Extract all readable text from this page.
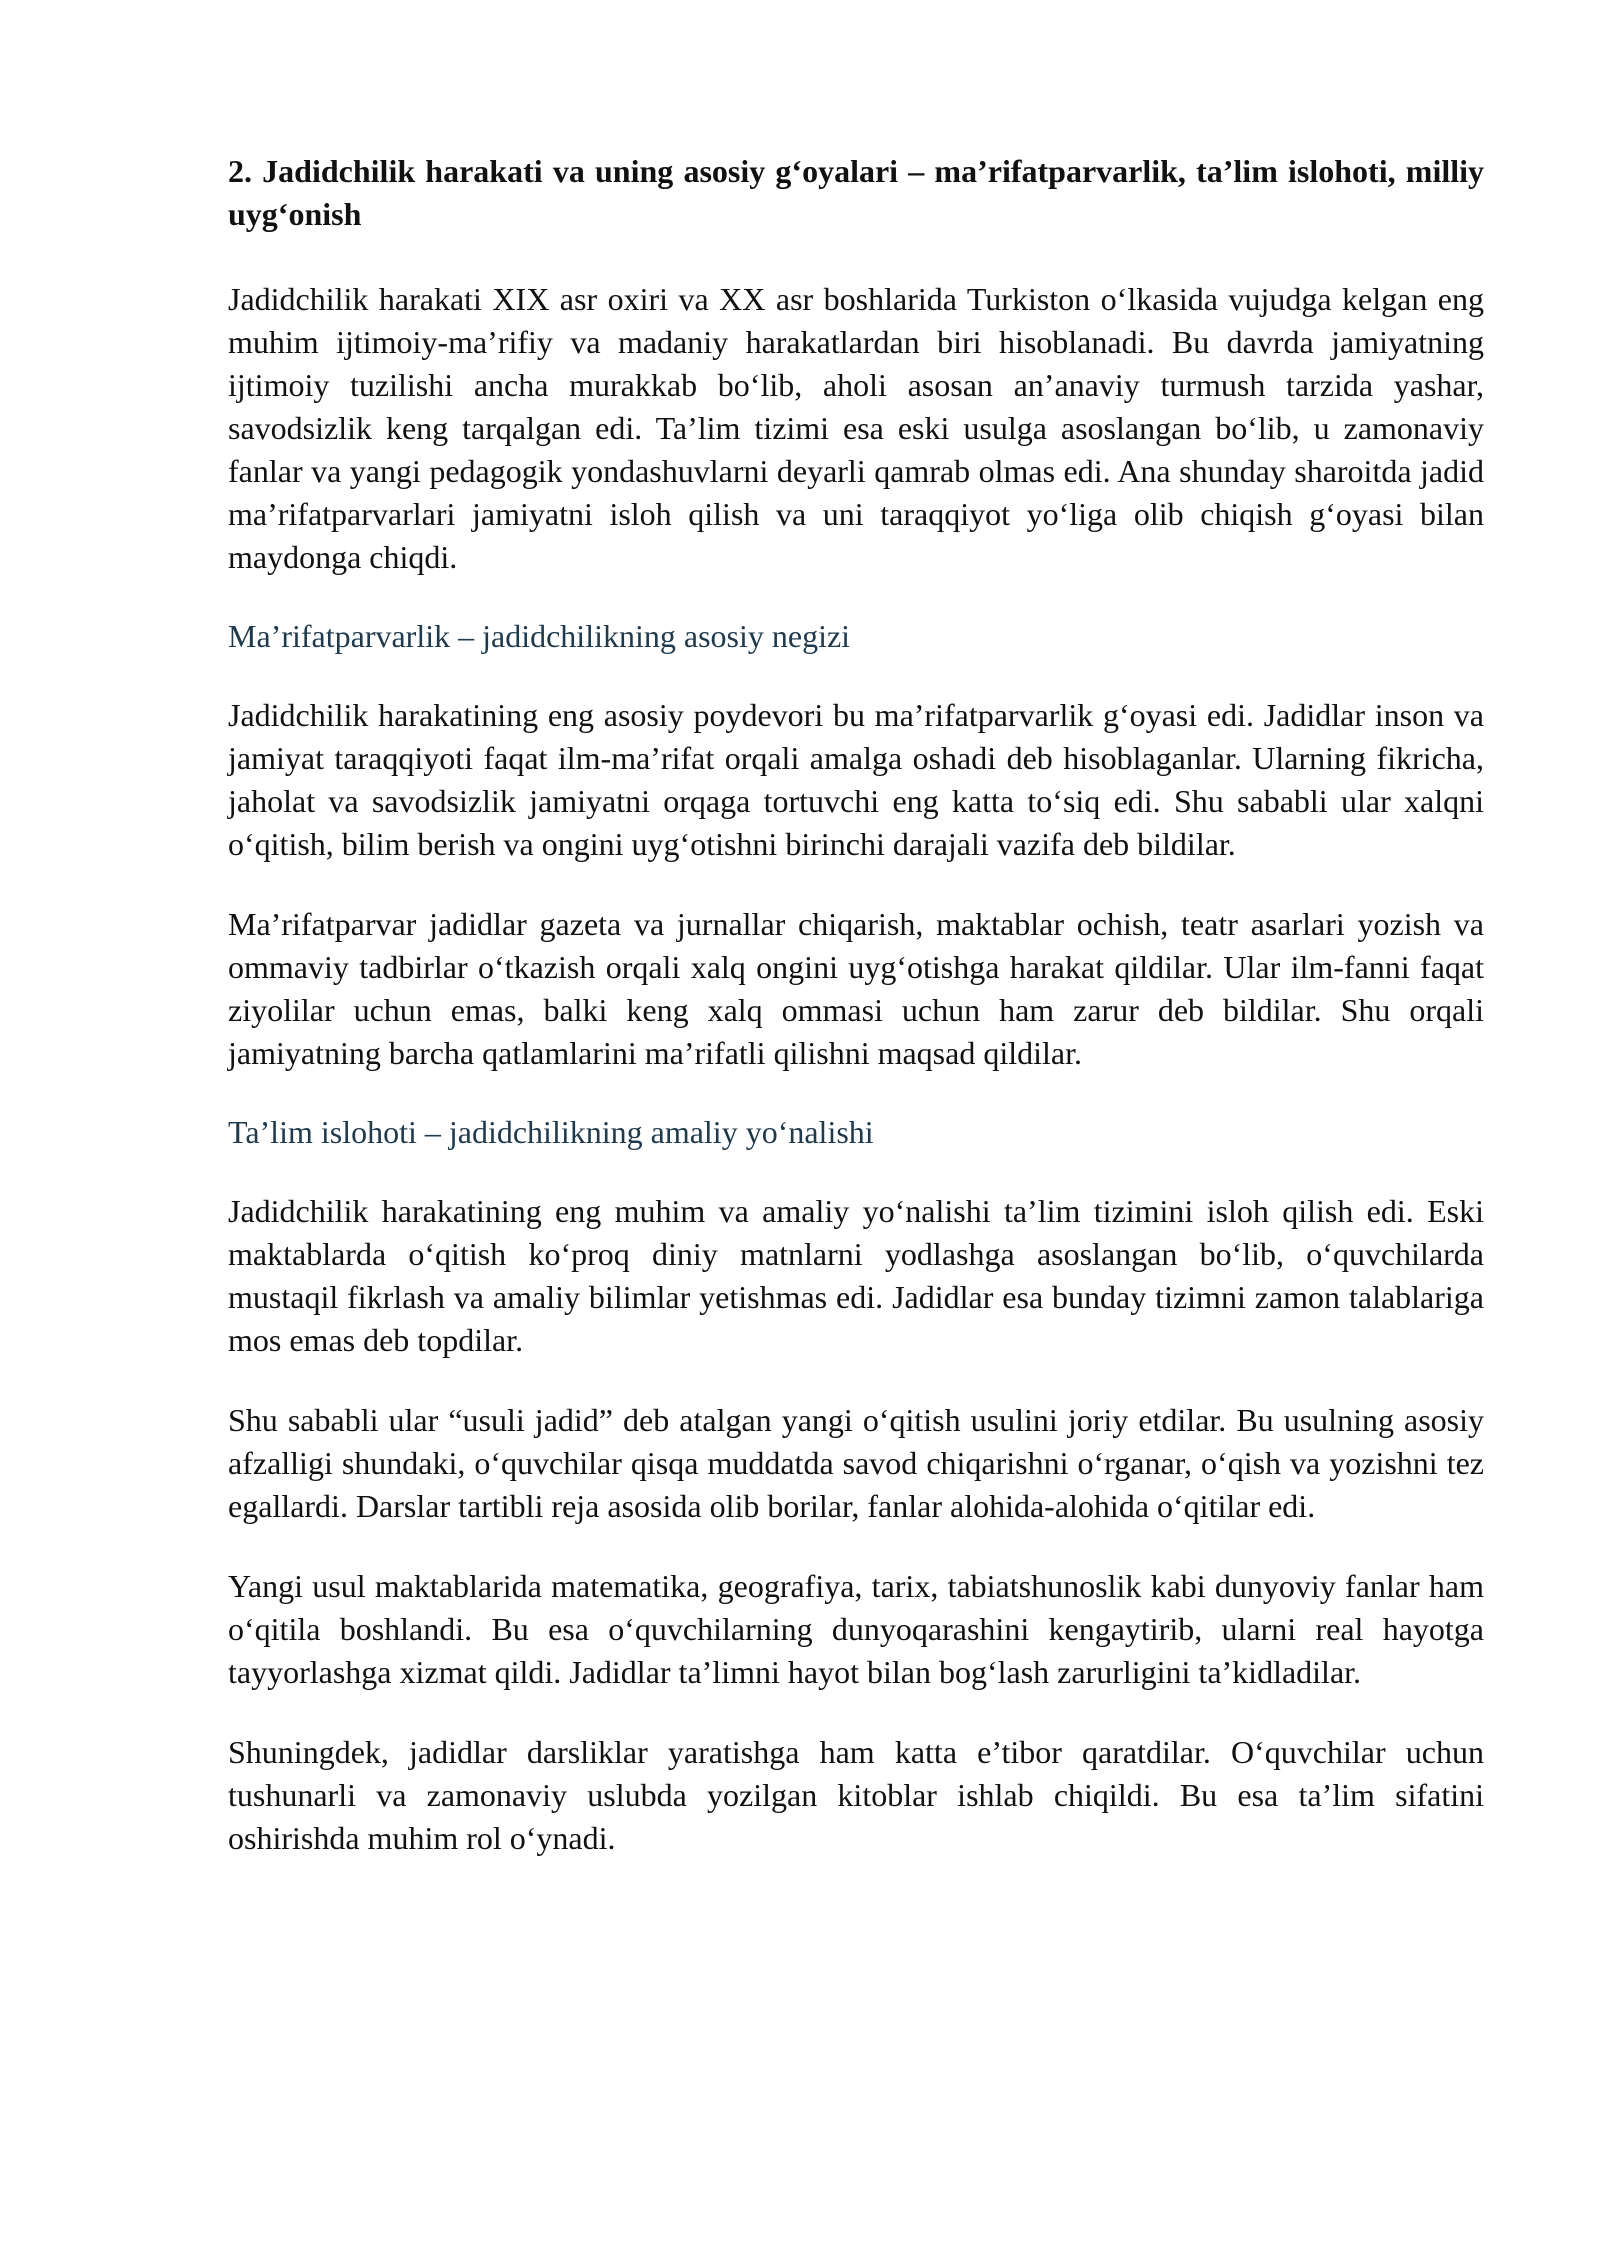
2. Jadidchilik harakati va uning asosiy g‘oyalari – ma’rifatparvarlik, ta’lim islohoti, milliy uyg‘onish

Jadidchilik harakati XIX asr oxiri va XX asr boshlarida Turkiston o‘lkasida vujudga kelgan eng muhim ijtimoiy-ma’rifiy va madaniy harakatlardan biri hisoblanadi. Bu davrda jamiyatning ijtimoiy tuzilishi ancha murakkab bo‘lib, aholi asosan an’anaviy turmush tarzida yashar, savodsizlik keng tarqalgan edi. Ta’lim tizimi esa eski usulga asoslangan bo‘lib, u zamonaviy fanlar va yangi pedagogik yondashuvlarni deyarli qamrab olmas edi. Ana shunday sharoitda jadid ma’rifatparvarlari jamiyatni isloh qilish va uni taraqqiyot yo‘liga olib chiqish g‘oyasi bilan maydonga chiqdi.

Ma’rifatparvarlik – jadidchilikning asosiy negizi

Jadidchilik harakatining eng asosiy poydevori bu ma’rifatparvarlik g‘oyasi edi. Jadidlar inson va jamiyat taraqqiyoti faqat ilm-ma’rifat orqali amalga oshadi deb hisoblaganlar. Ularning fikricha, jaholat va savodsizlik jamiyatni orqaga tortuvchi eng katta to‘siq edi. Shu sababli ular xalqni o‘qitish, bilim berish va ongini uyg‘otishni birinchi darajali vazifa deb bildilar.

Ma’rifatparvar jadidlar gazeta va jurnallar chiqarish, maktablar ochish, teatr asarlari yozish va ommaviy tadbirlar o‘tkazish orqali xalq ongini uyg‘otishga harakat qildilar. Ular ilm-fanni faqat ziyolilar uchun emas, balki keng xalq ommasi uchun ham zarur deb bildilar. Shu orqali jamiyatning barcha qatlamlarini ma’rifatli qilishni maqsad qildilar.

Ta’lim islohoti – jadidchilikning amaliy yo‘nalishi

Jadidchilik harakatining eng muhim va amaliy yo‘nalishi ta’lim tizimini isloh qilish edi. Eski maktablarda o‘qitish ko‘proq diniy matnlarni yodlashga asoslangan bo‘lib, o‘quvchilarda mustaqil fikrlash va amaliy bilimlar yetishmas edi. Jadidlar esa bunday tizimni zamon talablariga mos emas deb topdilar.

Shu sababli ular “usuli jadid” deb atalgan yangi o‘qitish usulini joriy etdilar. Bu usulning asosiy afzalligi shundaki, o‘quvchilar qisqa muddatda savod chiqarishni o‘rganar, o‘qish va yozishni tez egallardi. Darslar tartibli reja asosida olib borilar, fanlar alohida-alohida o‘qitilar edi.

Yangi usul maktablarida matematika, geografiya, tarix, tabiatshunoslik kabi dunyoviy fanlar ham o‘qitila boshlandi. Bu esa o‘quvchilarning dunyoqarashini kengaytirib, ularni real hayotga tayyorlashga xizmat qildi. Jadidlar ta’limni hayot bilan bog‘lash zarurligini ta’kidladilar.

Shuningdek, jadidlar darsliklar yaratishga ham katta e’tibor qaratdilar. O‘quvchilar uchun tushunarli va zamonaviy uslubda yozilgan kitoblar ishlab chiqildi. Bu esa ta’lim sifatini oshirishda muhim rol o‘ynadi.
